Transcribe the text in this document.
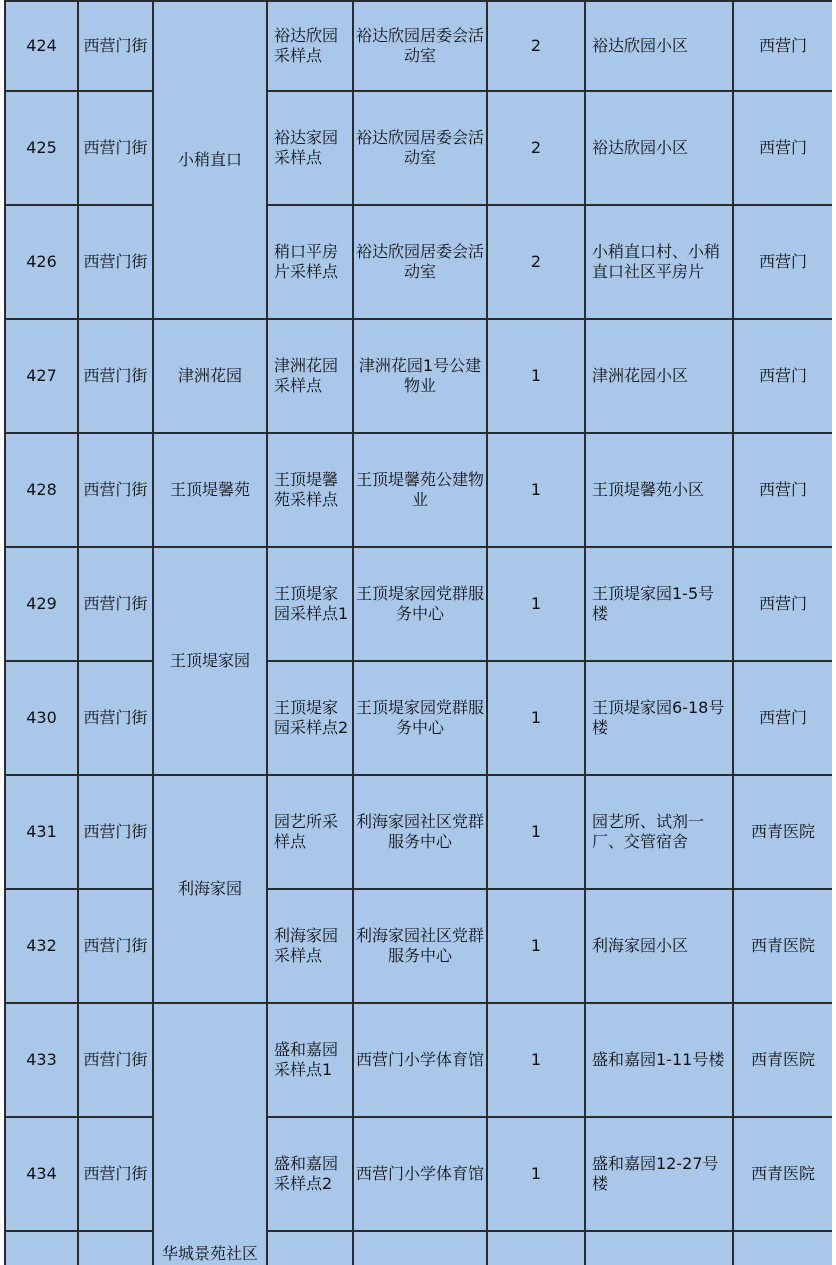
424	西营门街	小稍直口	裕达欣园采样点	裕达欣园居委会活动室	2	裕达欣园小区	西营门
425	西营门街		裕达家园采样点	裕达欣园居委会活动室	2	裕达欣园小区	西营门
426	西营门街		稍口平房片采样点	裕达欣园居委会活动室	2	小稍直口村、小稍直口社区平房片	西营门
427	西营门街	津洲花园	津洲花园采样点	津洲花园1号公建物业	1	津洲花园小区	西营门
428	西营门街	王顶堤馨苑	王顶堤馨苑采样点	王顶堤馨苑公建物业	1	王顶堤馨苑小区	西营门
429	西营门街	王顶堤家园	王顶堤家园采样点1	王顶堤家园党群服务中心	1	王顶堤家园1-5号楼	西营门
430	西营门街		王顶堤家园采样点2	王顶堤家园党群服务中心	1	王顶堤家园6-18号楼	西营门
431	西营门街	利海家园	园艺所采样点	利海家园社区党群服务中心	1	园艺所、试剂一厂、交管宿舍	西青医院
432	西营门街		利海家园采样点	利海家园社区党群服务中心	1	利海家园小区	西青医院
433	西营门街	华城景苑社区	盛和嘉园采样点1	西营门小学体育馆	1	盛和嘉园1-11号楼	西青医院
434	西营门街		盛和嘉园采样点2	西营门小学体育馆	1	盛和嘉园12-27号楼	西青医院
